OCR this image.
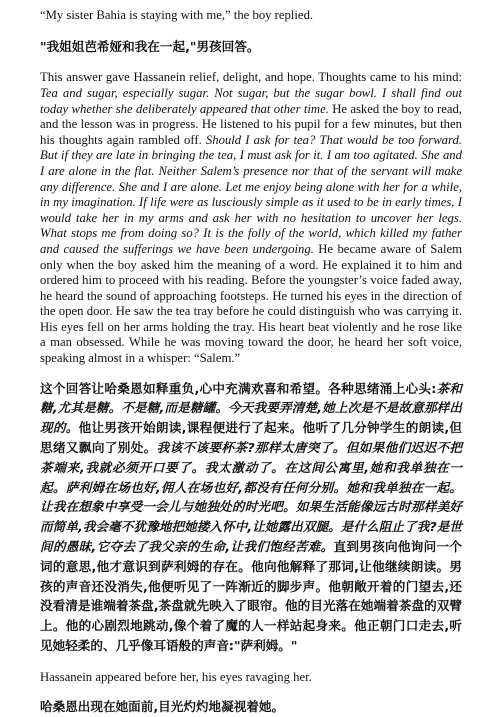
“My sister Bahia is staying with me,” the boy replied.

"我姐姐芭希娅和我在一起,"男孩回答。

This answer gave Hassanein relief, delight, and hope. Thoughts came to his mind: Tea and sugar, especially sugar. Not sugar, but the sugar bowl. I shall find out today whether she deliberately appeared that other time. He asked the boy to read, and the lesson was in progress. He listened to his pupil for a few minutes, but then his thoughts again rambled off. Should I ask for tea? That would be too forward. But if they are late in bringing the tea, I must ask for it. I am too agitated. She and I are alone in the flat. Neither Salem’s presence nor that of the servant will make any difference. She and I are alone. Let me enjoy being alone with her for a while, in my imagination. If life were as lusciously simple as it used to be in early times, I would take her in my arms and ask her with no hesitation to uncover her legs. What stops me from doing so? It is the folly of the world, which killed my father and caused the sufferings we have been undergoing. He became aware of Salem only when the boy asked him the meaning of a word. He explained it to him and ordered him to proceed with his reading. Before the youngster’s voice faded away, he heard the sound of approaching footsteps. He turned his eyes in the direction of the open door. He saw the tea tray before he could distinguish who was carrying it. His eyes fell on her arms holding the tray. His heart beat violently and he rose like a man obsessed. While he was moving toward the door, he heard her soft voice, speaking almost in a whisper: “Salem.”

这个回答让哈桑恩如释重负,心中充满欢喜和希望。各种思绪涌上心头:茶和糖,尤其是糖。不是糖,而是糖罐。今天我要弄清楚,她上次是不是故意那样出现的。他让男孩开始朗读,课程便进行了起来。他听了几分钟学生的朗读,但思绪又飘向了别处。我该不该要杯茶?那样太唐突了。但如果他们迟迟不把茶端来,我就必须开口要了。我太激动了。在这间公寓里,她和我单独在一起。萨利姆在场也好,佣人在场也好,都没有任何分别。她和我单独在一起。让我在想象中享受一会儿与她独处的时光吧。如果生活能像远古时那样美好而简单,我会毫不犹豫地把她搂入怀中,让她露出双腿。是什么阻止了我?是世间的愚昧,它夺去了我父亲的生命,让我们饱经苦难。直到男孩向他询问一个词的意思,他才意识到萨利姆的存在。他向他解释了那词,让他继续朗读。男孩的声音还没消失,他便听见了一阵渐近的脚步声。他朝敞开着的门望去,还没看清是谁端着茶盘,茶盘就先映入了眼帘。他的目光落在她端着茶盘的双臂上。他的心剧烈地跳动,像个着了魔的人一样站起身来。他正朝门口走去,听见她轻柔的、几乎像耳语般的声音:"萨利姆。"

Hassanein appeared before her, his eyes ravaging her.

哈桑恩出现在她面前,目光灼灼地凝视着她。
